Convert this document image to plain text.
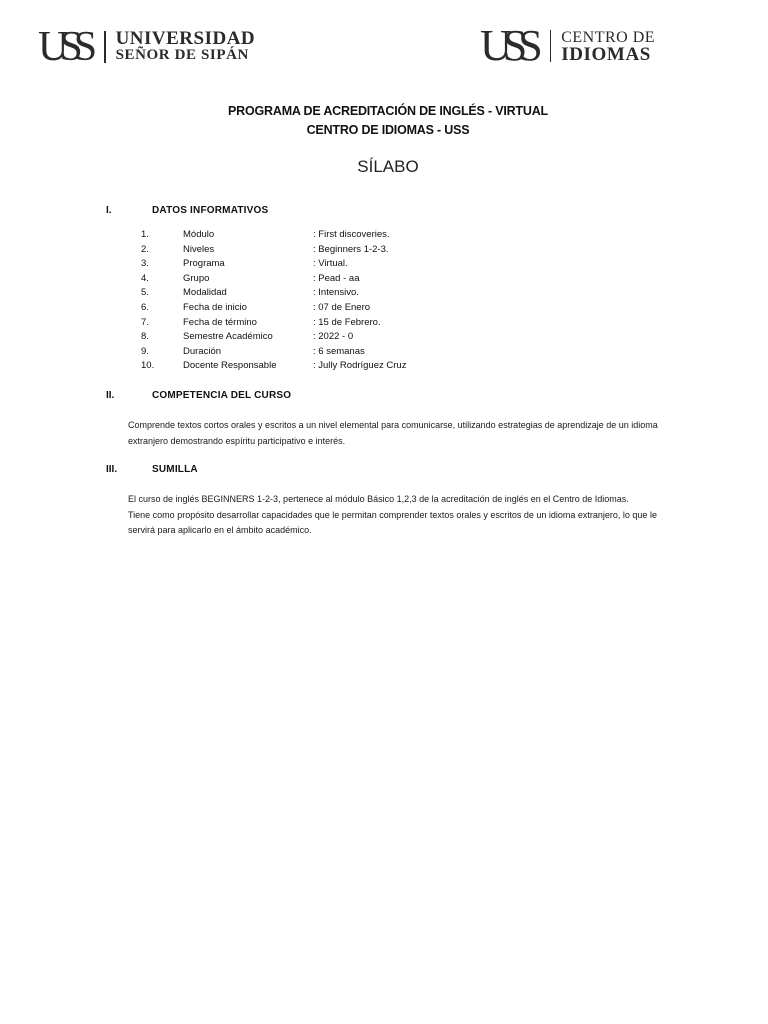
USS	UNIVERSIDAD
SEÑOR DE SIPÁN	USS	CENTRO DE
IDIOMAS
PROGRAMA DE ACREDITACIÓN DE INGLÉS - VIRTUAL
CENTRO DE IDIOMAS - USS
SÍLABO
I.	DATOS INFORMATIVOS
1.	Módulo	: First discoveries.
2.	Niveles	: Beginners 1-2-3.
3.	Programa	: Virtual.
4.	Grupo	: Pead - aa
5.	Modalidad	: Intensivo.
6.	Fecha de inicio	: 07 de Enero
7.	Fecha de término	: 15 de Febrero.
8.	Semestre Académico	: 2022 - 0
9.	Duración	: 6 semanas
10.	Docente Responsable	: Jully Rodríguez Cruz
II.	COMPETENCIA DEL CURSO

Comprende textos cortos orales y escritos a un nivel elemental para comunicarse, utilizando estrategias de aprendizaje de un idioma

extranjero demostrando espíritu participativo e interés.

III.	SUMILLA

El curso de inglés BEGINNERS 1-2-3, pertenece al módulo Básico 1,2,3 de la acreditación de inglés en el Centro de Idiomas.

Tiene como propósito desarrollar capacidades que le permitan comprender textos orales y escritos de un idioma extranjero, lo que le

servirá para aplicarlo en el ámbito académico.
